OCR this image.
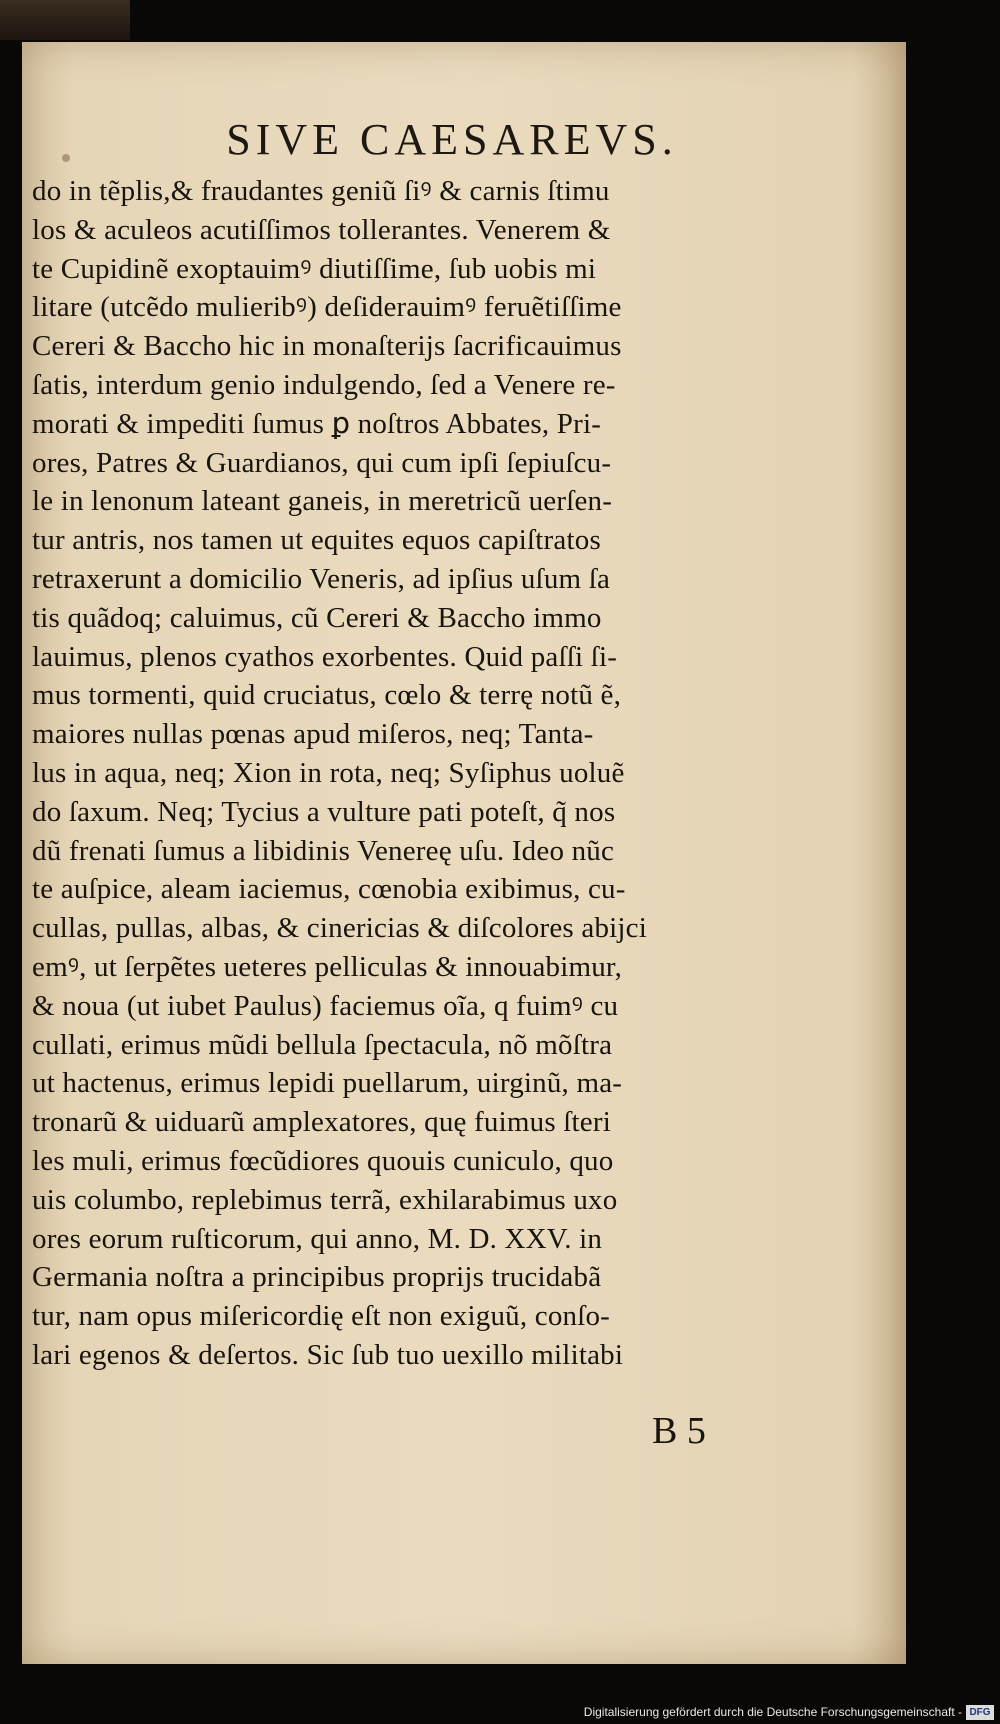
SIVE CAESAREVS.
do in tẽplis,& fraudantes geniũ ſiꝰ & carnis ſtimu
los & aculeos acutiſſimos tollerantes. Venerem &
te Cupidinẽ exoptauimꝰ diutiſſime, ſub uobis mi
litare (utcẽdo mulieribꝰ) deſiderauimꝰ feruẽtiſſime
Cereri & Baccho hic in monaſterijs ſacrificauimus
ſatis, interdum genio indulgendo, ſed a Venere re-
morati & impediti ſumus ꝑ noſtros Abbates, Pri-
ores, Patres & Guardianos, qui cum ipſi ſepiuſcu-
le in lenonum lateant ganeis, in meretricũ uerſen-
tur antris, nos tamen ut equites equos capiſtratos
retraxerunt a domicilio Veneris, ad ipſius uſum ſa
tis quãdoq; caluimus, cũ Cereri & Baccho immo
lauimus, plenos cyathos exorbentes. Quid paſſi ſi-
mus tormenti, quid cruciatus, cœlo & terrę notũ ẽ,
maiores nullas pœnas apud miſeros, neq; Tanta-
lus in aqua, neq; Xion in rota, neq; Syſiphus uoluẽ
do ſaxum. Neq; Tycius a vulture pati poteſt, q̃ nos
dũ frenati ſumus a libidinis Venereę uſu. Ideo nũc
te auſpice, aleam iaciemus, cœnobia exibimus, cu-
cullas, pullas, albas, & cinericias & diſcolores abijci
emꝰ, ut ſerpẽtes ueteres pelliculas & innouabimur,
& noua (ut iubet Paulus) faciemus oĩa, q fuimꝰ cu
cullati, erimus mũdi bellula ſpectacula, nõ mõſtra
ut hactenus, erimus lepidi puellarum, uirginũ, ma-
tronarũ & uiduarũ amplexatores, quę fuimus ſteri
les muli, erimus fœcũdiores quouis cuniculo, quo
uis columbo, replebimus terrã, exhilarabimus uxo
ores eorum ruſticorum, qui anno, M. D. XXV. in
Germania noſtra a principibus proprijs trucidabã
tur, nam opus miſericordię eſt non exiguũ, conſo-
lari egenos & deſertos. Sic ſub tuo uexillo militabi
B 5
Digitalisierung gefördert durch die Deutsche Forschungsgemeinschaft - DFG
